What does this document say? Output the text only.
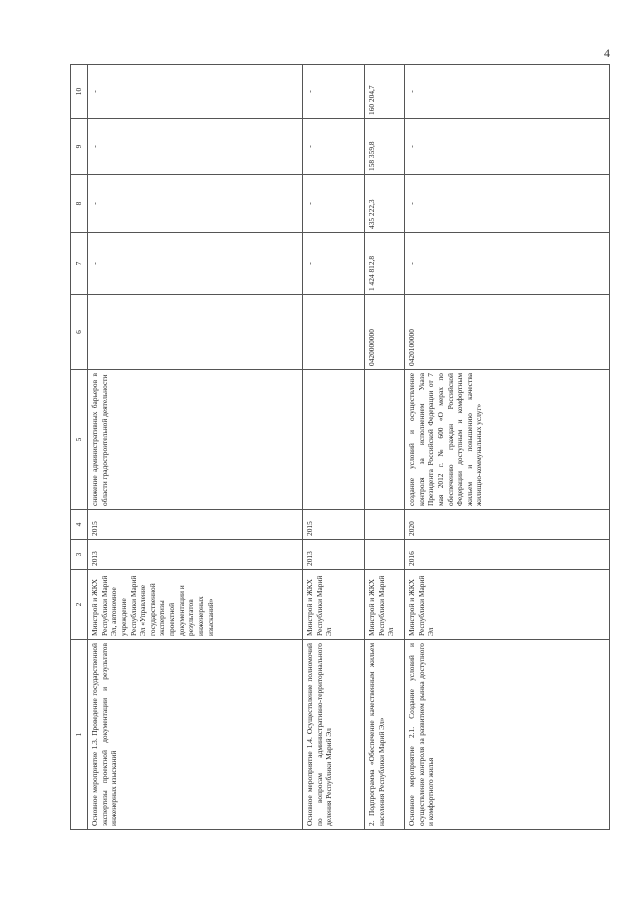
4
1	2	3	4	5	6	7	8	9	10
Основное мероприятие 1.3. Проведение государственной экспертизы проектной документации и результатов инженерных изысканий	Минстрой и ЖКХ Республики Марий Эл, автономное учреждение Республики Марий Эл «Управление государственной экспертизы проектной документации и результатов инженерных изысканий»	2013	2015	снижение административных барьеров в области градостроительной деятельности		-	-	-	-
Основное мероприятие 1.4. Осуществление полномочий по вопросам административно-территориального деления Республики Марий Эл	Минстрой и ЖКХ Республики Марий Эл	2013	2015			-	-	-	-
2. Подпрограмма «Обеспечение качественным жильем населения Республики Марий Эл»	Минстрой и ЖКХ Республики Марий Эл				0420000000	1 424 812,8	435 222,3	158 359,8	160 204,7
Основное мероприятие 2.1. Создание условий и осуществление контроля за развитием рынка доступного и комфортного жилья	Минстрой и ЖКХ Республики Марий Эл	2016	2020	создание условий и осуществление контроля за исполнением Указа Президента Российской Федерации от 7 мая 2012 г. № 600 «О мерах по обеспечению граждан Российской Федерации доступным и комфортным жильем и повышению качества жилищно-коммунальных услуг»	0420100000	-	-	-	-
